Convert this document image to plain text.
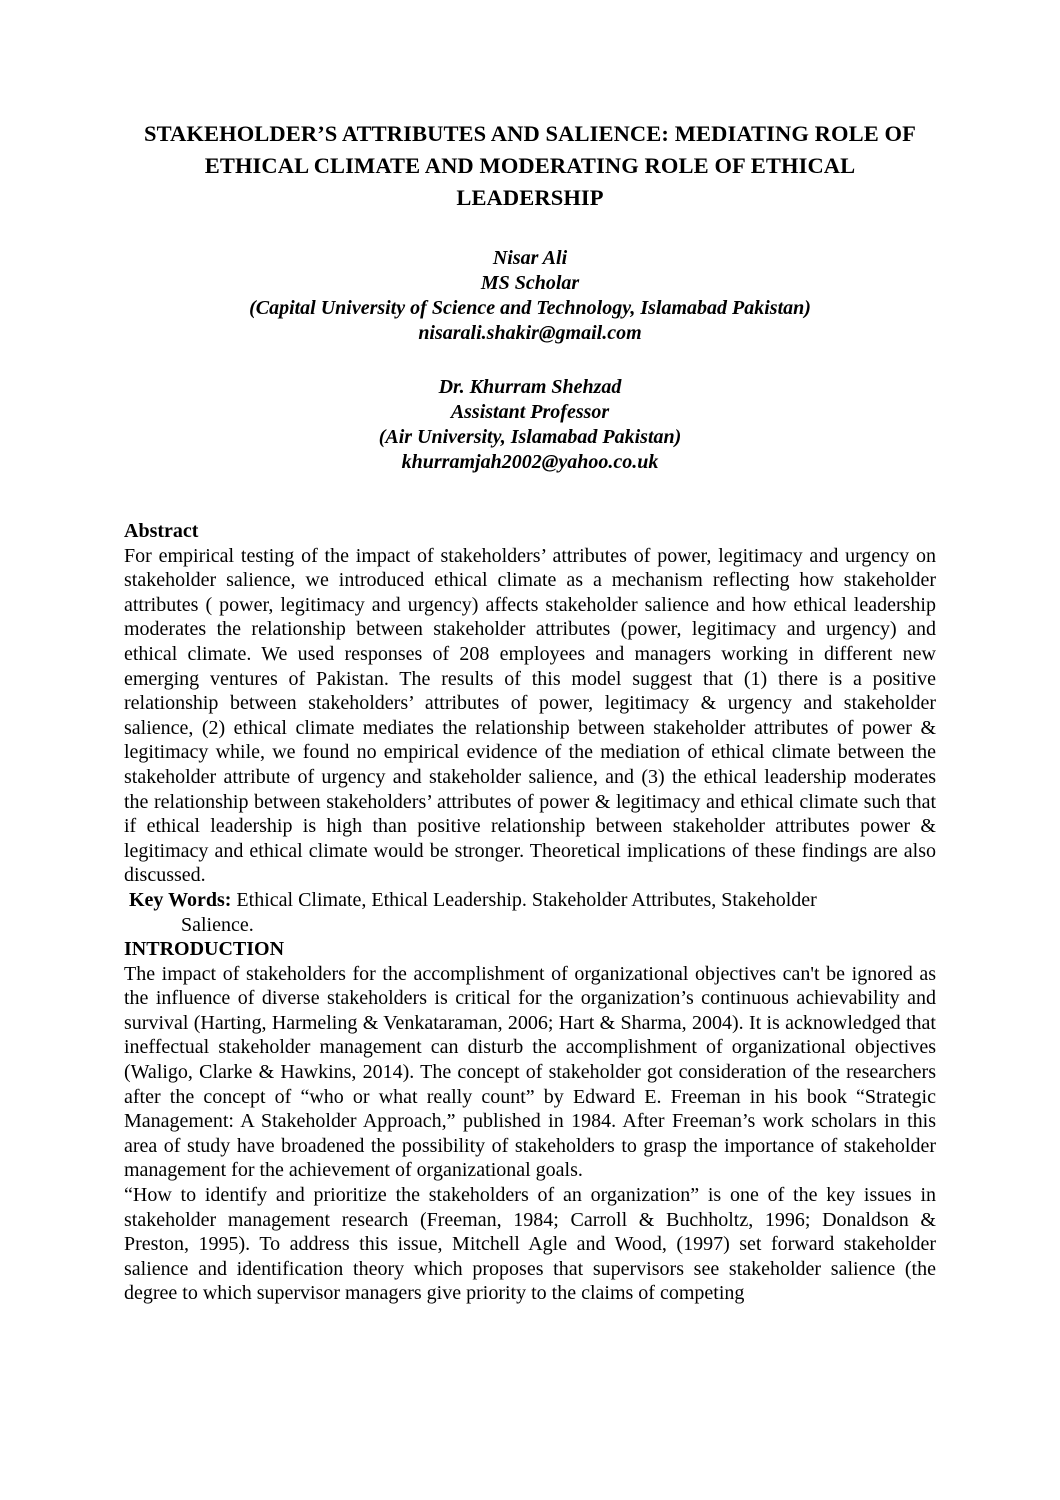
STAKEHOLDER’S ATTRIBUTES AND SALIENCE: MEDIATING ROLE OF ETHICAL CLIMATE AND MODERATING ROLE OF ETHICAL LEADERSHIP
Nisar Ali
MS Scholar
(Capital University of Science and Technology, Islamabad Pakistan)
nisarali.shakir@gmail.com
Dr. Khurram Shehzad
Assistant Professor
(Air University, Islamabad Pakistan)
khurramjah2002@yahoo.co.uk
Abstract

For empirical testing of the impact of stakeholders’ attributes of power, legitimacy and urgency on stakeholder salience, we introduced ethical climate as a mechanism reflecting how stakeholder attributes ( power, legitimacy and urgency) affects stakeholder salience and how ethical leadership moderates the relationship between stakeholder attributes (power, legitimacy and urgency) and ethical climate. We used responses of 208 employees and managers working in different new emerging ventures of Pakistan. The results of this model suggest that (1) there is a positive relationship between stakeholders’ attributes of power, legitimacy & urgency and stakeholder salience, (2) ethical climate mediates the relationship between stakeholder attributes of power & legitimacy while, we found no empirical evidence of the mediation of ethical climate between the stakeholder attribute of urgency and stakeholder salience, and (3) the ethical leadership moderates the relationship between stakeholders’ attributes of power & legitimacy and ethical climate such that if ethical leadership is high than positive relationship between stakeholder attributes power & legitimacy and ethical climate would be stronger. Theoretical implications of these findings are also discussed.

Key Words: Ethical Climate, Ethical Leadership. Stakeholder Attributes, Stakeholder
Salience.

INTRODUCTION

The impact of stakeholders for the accomplishment of organizational objectives can't be ignored as the influence of diverse stakeholders is critical for the organization’s continuous achievability and survival (Harting, Harmeling & Venkataraman, 2006; Hart & Sharma, 2004). It is acknowledged that ineffectual stakeholder management can disturb the accomplishment of organizational objectives (Waligo, Clarke & Hawkins, 2014). The concept of stakeholder got consideration of the researchers after the concept of “who or what really count” by Edward E. Freeman in his book “Strategic Management: A Stakeholder Approach,” published in 1984. After Freeman’s work scholars in this area of study have broadened the possibility of stakeholders to grasp the importance of stakeholder management for the achievement of organizational goals.

“How to identify and prioritize the stakeholders of an organization” is one of the key issues in stakeholder management research (Freeman, 1984; Carroll & Buchholtz, 1996; Donaldson & Preston, 1995). To address this issue, Mitchell Agle and Wood, (1997) set forward stakeholder salience and identification theory which proposes that supervisors see stakeholder salience (the degree to which supervisor managers give priority to the claims of competing
